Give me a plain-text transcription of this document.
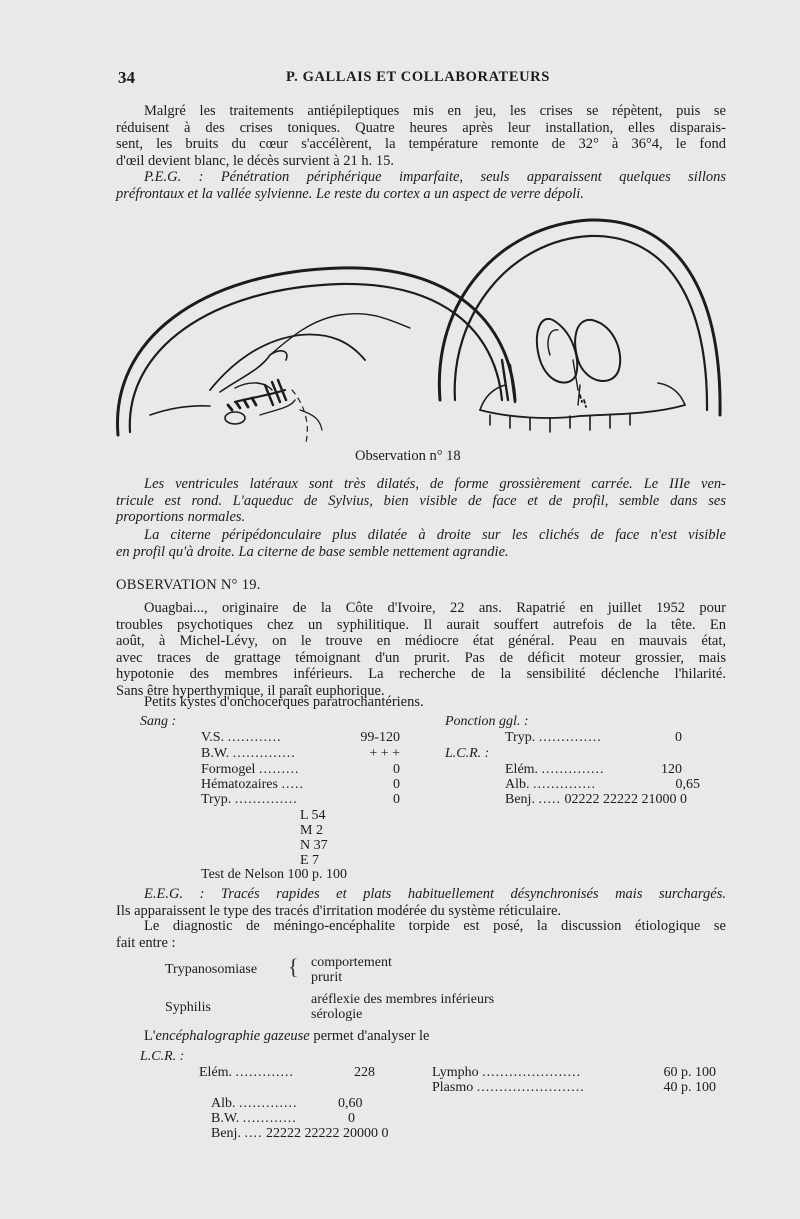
34	P. GALLAIS ET COLLABORATEURS
Malgré les traitements antiépileptiques mis en jeu, les crises se répètent, puis se
réduisent à des crises toniques. Quatre heures après leur installation, elles disparais-
sent, les bruits du cœur s'accélèrent, la température remonte de 32° à 36°4, le fond
d'œil devient blanc, le décès survient à 21 h. 15.
P.E.G. : Pénétration périphérique imparfaite, seuls apparaissent quelques sillons
préfrontaux et la vallée sylvienne. Le reste du cortex a un aspect de verre dépoli.
Observation n° 18
Les ventricules latéraux sont très dilatés, de forme grossièrement carrée. Le IIIe ven-
tricule est rond. L'aqueduc de Sylvius, bien visible de face et de profil, semble dans ses
proportions normales.
La citerne péripédonculaire plus dilatée à droite sur les clichés de face n'est visible
en profil qu'à droite. La citerne de base semble nettement agrandie.
OBSERVATION N° 19.
Ouagbai..., originaire de la Côte d'Ivoire, 22 ans. Rapatrié en juillet 1952 pour
troubles psychotiques chez un syphilitique. Il aurait souffert autrefois de la tête. En
août, à Michel-Lévy, on le trouve en médiocre état général. Peau en mauvais état,
avec traces de grattage témoignant d'un prurit. Pas de déficit moteur grossier, mais
hypotonie des membres inférieurs. La recherche de la sensibilité déclenche l'hilarité.
Sans être hyperthymique, il paraît euphorique.
Petits kystes d'onchocerques paratrochantériens.
Sang :
V.S. ............	99-120
B.W. ..............	+ + +
Formogel .........	0
Hématozaires .....	0
Tryp. ..............	0
L 54
M 2
N 37
E 7
Test de Nelson 100 p. 100
Ponction ggl. :
Tryp. ..............	0
L.C.R. :
Elém. ..............	120
Alb. ..............	0,65
Benj. ..... 02222 22222 21000 0
E.E.G. : Tracés rapides et plats habituellement désynchronisés mais surchargés.
Ils apparaissent le type des tracés d'irritation modérée du système réticulaire.
Le diagnostic de méningo-encéphalite torpide est posé, la discussion étiologique se
fait entre :
Trypanosomiase { comportement
prurit
Syphilis
aréflexie des membres inférieurs
sérologie
L'encéphalographie gazeuse permet d'analyser le
L.C.R. :
Elém. .............	228	Lympho ......................	60 p. 100
Plasmo ........................	40 p. 100
Alb. .............	0,60
B.W. ............	0
Benj. .... 22222 22222 20000 0
